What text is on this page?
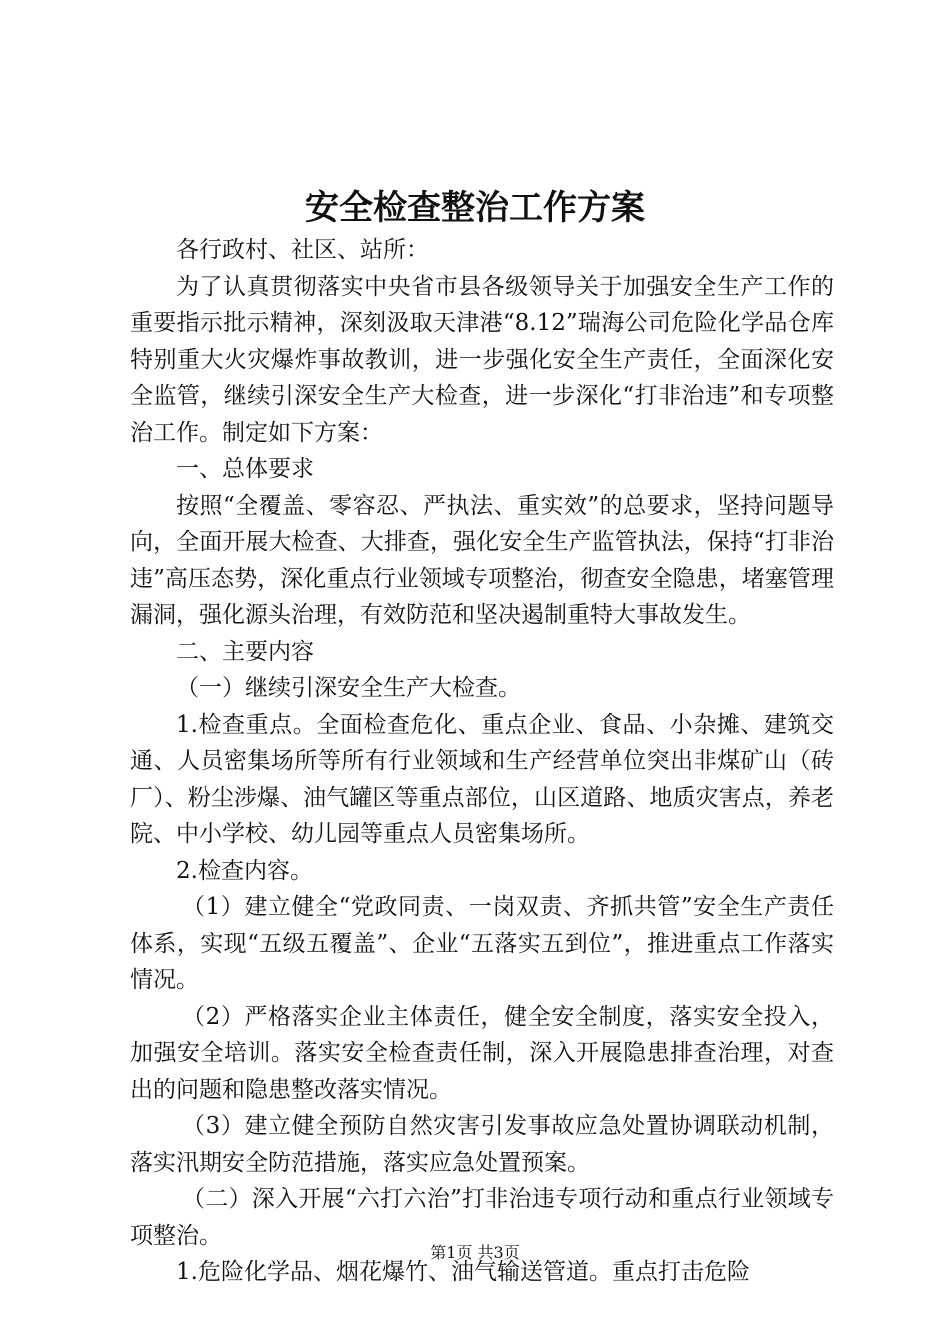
安全检查整治工作方案

各行政村、社区、站所：

为了认真贯彻落实中央省市县各级领导关于加强安全生产工作的重要指示批示精神，深刻汲取天津港“8.12”瑞海公司危险化学品仓库特别重大火灾爆炸事故教训，进一步强化安全生产责任，全面深化安全监管，继续引深安全生产大检查，进一步深化“打非治违”和专项整治工作。制定如下方案：

一、总体要求

按照“全覆盖、零容忍、严执法、重实效”的总要求，坚持问题导向，全面开展大检查、大排查，强化安全生产监管执法，保持“打非治违”高压态势，深化重点行业领域专项整治，彻查安全隐患，堵塞管理漏洞，强化源头治理，有效防范和坚决遏制重特大事故发生。

二、主要内容

（一）继续引深安全生产大检查。

1.检查重点。全面检查危化、重点企业、食品、小杂摊、建筑交通、人员密集场所等所有行业领域和生产经营单位突出非煤矿山（砖厂）、粉尘涉爆、油气罐区等重点部位，山区道路、地质灾害点，养老院、中小学校、幼儿园等重点人员密集场所。

2.检查内容。

（1）建立健全“党政同责、一岗双责、齐抓共管”安全生产责任体系，实现“五级五覆盖”、企业“五落实五到位”，推进重点工作落实情况。

（2）严格落实企业主体责任，健全安全制度，落实安全投入，加强安全培训。落实安全检查责任制，深入开展隐患排查治理，对查出的问题和隐患整改落实情况。

（3）建立健全预防自然灾害引发事故应急处置协调联动机制，落实汛期安全防范措施，落实应急处置预案。

（二）深入开展“六打六治”打非治违专项行动和重点行业领域专项整治。

1.危险化学品、烟花爆竹、油气输送管道。重点打击危险

第1页 共3页
